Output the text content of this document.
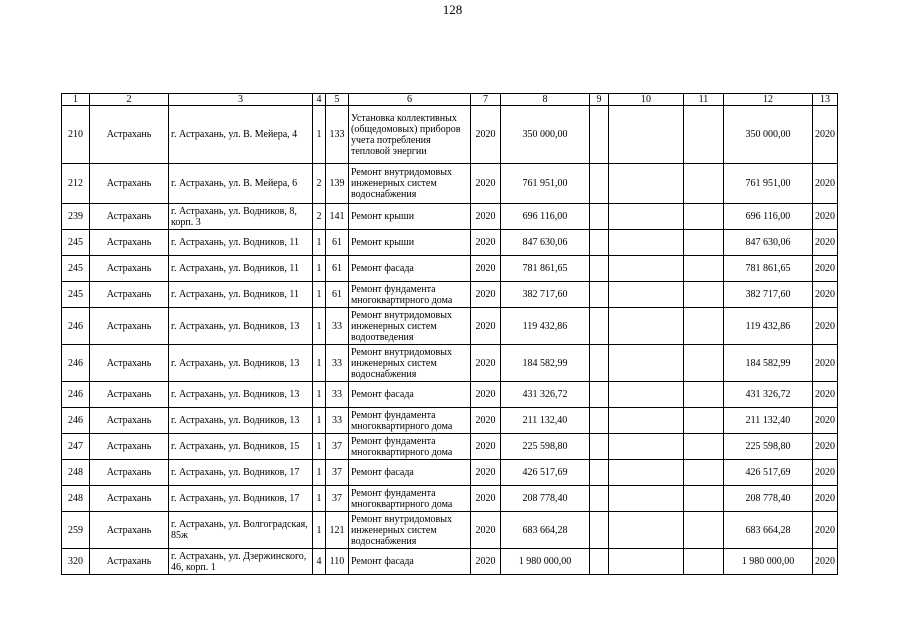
128
1	2	3	4	5	6	7	8	9	10	11	12	13
210	Астрахань	г. Астрахань, ул. В. Мейера, 4	1	133	Установка коллективных (общедомовых) приборов учета потребления тепловой энергии	2020	350 000,00				350 000,00	2020
212	Астрахань	г. Астрахань, ул. В. Мейера, 6	2	139	Ремонт внутридомовых инженерных систем водоснабжения	2020	761 951,00				761 951,00	2020
239	Астрахань	г. Астрахань, ул. Водников, 8, корп. 3	2	141	Ремонт крыши	2020	696 116,00				696 116,00	2020
245	Астрахань	г. Астрахань, ул. Водников, 11	1	61	Ремонт крыши	2020	847 630,06				847 630,06	2020
245	Астрахань	г. Астрахань, ул. Водников, 11	1	61	Ремонт фасада	2020	781 861,65				781 861,65	2020
245	Астрахань	г. Астрахань, ул. Водников, 11	1	61	Ремонт фундамента многоквартирного дома	2020	382 717,60				382 717,60	2020
246	Астрахань	г. Астрахань, ул. Водников, 13	1	33	Ремонт внутридомовых инженерных систем водоотведения	2020	119 432,86				119 432,86	2020
246	Астрахань	г. Астрахань, ул. Водников, 13	1	33	Ремонт внутридомовых инженерных систем водоснабжения	2020	184 582,99				184 582,99	2020
246	Астрахань	г. Астрахань, ул. Водников, 13	1	33	Ремонт фасада	2020	431 326,72				431 326,72	2020
246	Астрахань	г. Астрахань, ул. Водников, 13	1	33	Ремонт фундамента многоквартирного дома	2020	211 132,40				211 132,40	2020
247	Астрахань	г. Астрахань, ул. Водников, 15	1	37	Ремонт фундамента многоквартирного дома	2020	225 598,80				225 598,80	2020
248	Астрахань	г. Астрахань, ул. Водников, 17	1	37	Ремонт фасада	2020	426 517,69				426 517,69	2020
248	Астрахань	г. Астрахань, ул. Водников, 17	1	37	Ремонт фундамента многоквартирного дома	2020	208 778,40				208 778,40	2020
259	Астрахань	г. Астрахань, ул. Волгоградская, 85ж	1	121	Ремонт внутридомовых инженерных систем водоснабжения	2020	683 664,28				683 664,28	2020
320	Астрахань	г. Астрахань, ул. Дзержинского, 46, корп. 1	4	110	Ремонт фасада	2020	1 980 000,00				1 980 000,00	2020
